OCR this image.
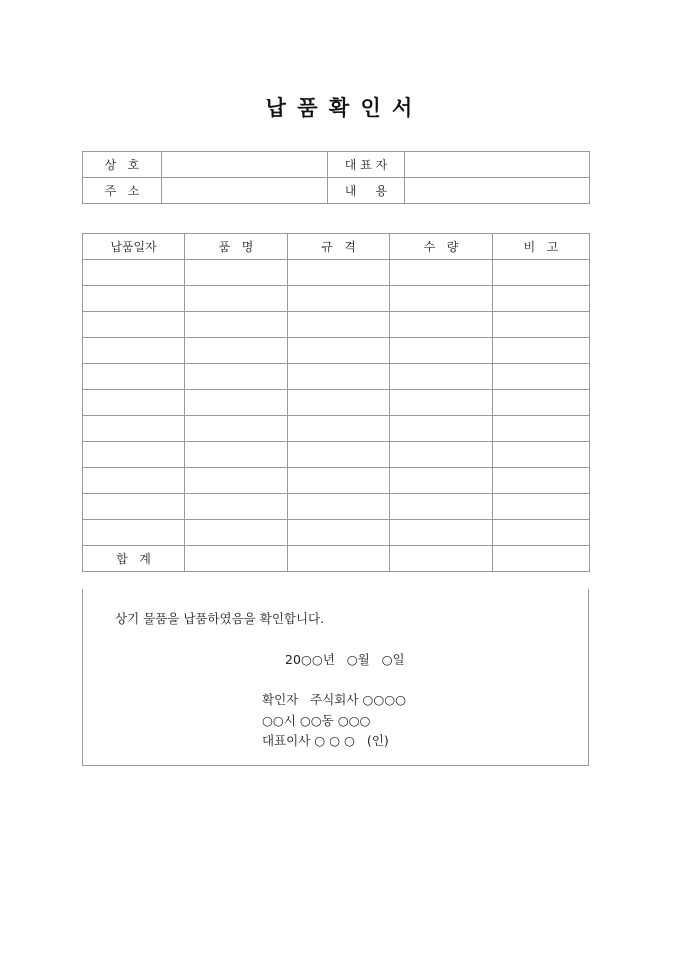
납 품 확 인 서
상   호		대 표 자	
주   소		내     용	
납품일자	품   명	규   격	수   량	비   고

합   계				
상기 물품을 납품하였음을 확인합니다.
20○○년   ○월   ○일
확인자   주식회사 ○○○○
○○시 ○○동 ○○○
대표이사 ○ ○ ○   (인)
